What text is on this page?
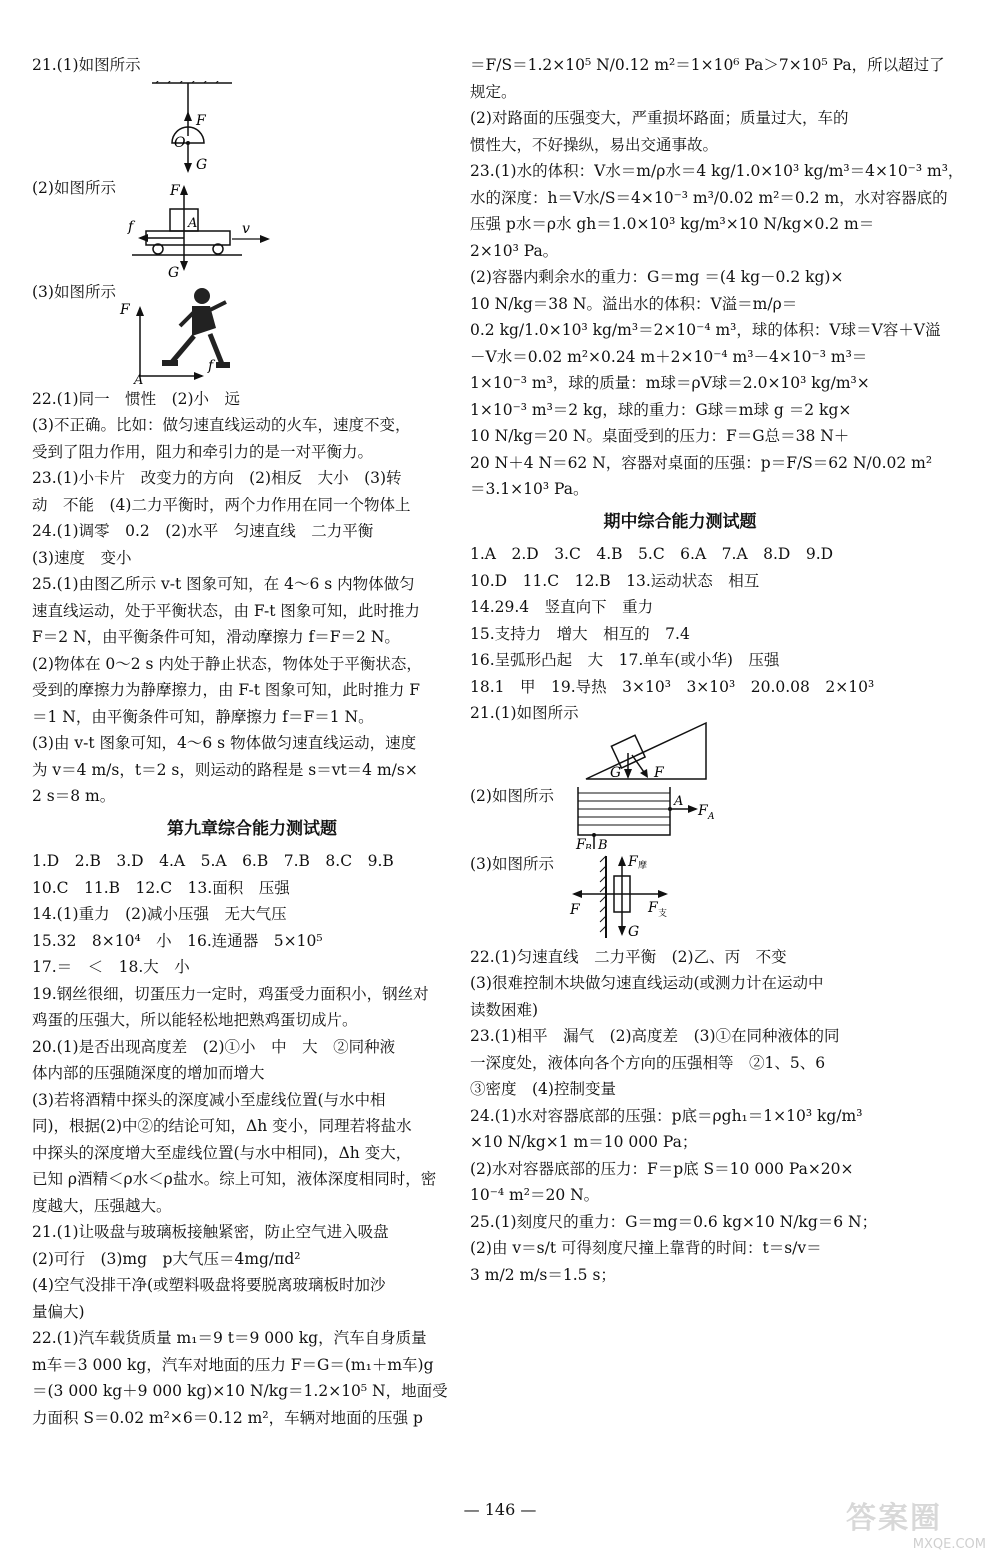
21.(1)如图所示
F
O
G
(2)如图所示	F
f	A	v
G
(3)如图所示
F
f
A
22.(1)同一　惯性　(2)小　远
(3)不正确。比如：做匀速直线运动的火车，速度不变，
受到了阻力作用，阻力和牵引力的是一对平衡力。
23.(1)小卡片　改变力的方向　(2)相反　大小　(3)转
动　不能　(4)二力平衡时，两个力作用在同一个物体上
24.(1)调零　0.2　(2)水平　匀速直线　二力平衡
(3)速度　变小
25.(1)由图乙所示 v-t 图象可知，在 4～6 s 内物体做匀
速直线运动，处于平衡状态，由 F-t 图象可知，此时推力
F＝2 N，由平衡条件可知，滑动摩擦力 f＝F＝2 N。
(2)物体在 0～2 s 内处于静止状态，物体处于平衡状态，
受到的摩擦力为静摩擦力，由 F-t 图象可知，此时推力 F
＝1 N，由平衡条件可知，静摩擦力 f＝F＝1 N。
(3)由 v-t 图象可知，4～6 s 物体做匀速直线运动，速度
为 v＝4 m/s，t＝2 s，则运动的路程是 s＝vt＝4 m/s×
2 s＝8 m。
第九章综合能力测试题
1.D　2.B　3.D　4.A　5.A　6.B　7.B　8.C　9.B
10.C　11.B　12.C　13.面积　压强
14.(1)重力　(2)减小压强　无大气压
15.32　8×10⁴　小　16.连通器　5×10⁵
17.＝　＜　18.大　小
19.钢丝很细，切蛋压力一定时，鸡蛋受力面积小，钢丝对
鸡蛋的压强大，所以能轻松地把熟鸡蛋切成片。
20.(1)是否出现高度差　(2)①小　中　大　②同种液
体内部的压强随深度的增加而增大
(3)若将酒精中探头的深度减小至虚线位置(与水中相
同)，根据(2)中②的结论可知，Δh 变小，同理若将盐水
中探头的深度增大至虚线位置(与水中相同)，Δh 变大，
已知 ρ酒精＜ρ水＜ρ盐水。综上可知，液体深度相同时，密
度越大，压强越大。
21.(1)让吸盘与玻璃板接触紧密，防止空气进入吸盘
(2)可行　(3)mg　p大气压＝4mg/πd²
(4)空气没排干净(或塑料吸盘将要脱离玻璃板时加沙
量偏大)
22.(1)汽车载货质量 m₁＝9 t＝9 000 kg，汽车自身质量
m车＝3 000 kg，汽车对地面的压力 F＝G＝(m₁＋m车)g
＝(3 000 kg＋9 000 kg)×10 N/kg＝1.2×10⁵ N，地面受
力面积 S＝0.02 m²×6＝0.12 m²，车辆对地面的压强 p
＝F/S＝1.2×10⁵ N/0.12 m²＝1×10⁶ Pa＞7×10⁵ Pa，所以超过了
规定。
(2)对路面的压强变大，严重损坏路面；质量过大，车的
惯性大，不好操纵，易出交通事故。
23.(1)水的体积：V水＝m/ρ水＝4 kg/1.0×10³ kg/m³＝4×10⁻³ m³，
水的深度：h＝V水/S＝4×10⁻³ m³/0.02 m²＝0.2 m，水对容器底的
压强 p水＝ρ水 gh＝1.0×10³ kg/m³×10 N/kg×0.2 m＝
2×10³ Pa。
(2)容器内剩余水的重力：G＝mg ＝(4 kg－0.2 kg)×
10 N/kg＝38 N。溢出水的体积：V溢＝m/ρ＝
0.2 kg/1.0×10³ kg/m³＝2×10⁻⁴ m³，球的体积：V球＝V容＋V溢
－V水＝0.02 m²×0.24 m＋2×10⁻⁴ m³－4×10⁻³ m³＝
1×10⁻³ m³，球的质量：m球＝ρV球＝2.0×10³ kg/m³×
1×10⁻³ m³＝2 kg，球的重力：G球＝m球 g ＝2 kg×
10 N/kg＝20 N。桌面受到的压力：F＝G总＝38 N＋
20 N＋4 N＝62 N，容器对桌面的压强：p＝F/S＝62 N/0.02 m²
＝3.1×10³ Pa。
期中综合能力测试题
1.A　2.D　3.C　4.B　5.C　6.A　7.A　8.D　9.D
10.D　11.C　12.B　13.运动状态　相互
14.29.4　竖直向下　重力
15.支持力　增大　相互的　7.4
16.呈弧形凸起　大　17.单车(或小华)　压强
18.1　甲　19.导热　3×10³　3×10³　20.0.08　2×10³
21.(1)如图所示
G F
(2)如图所示	A
F A
B
F B
(3)如图所示	F 摩
F	F 支
G
22.(1)匀速直线　二力平衡　(2)乙、丙　不变
(3)很难控制木块做匀速直线运动(或测力计在运动中
读数困难)
23.(1)相平　漏气　(2)高度差　(3)①在同种液体的同
一深度处，液体向各个方向的压强相等　②1、5、6
③密度　(4)控制变量
24.(1)水对容器底部的压强：p底＝ρgh₁＝1×10³ kg/m³
×10 N/kg×1 m＝10 000 Pa；
(2)水对容器底部的压力：F＝p底 S＝10 000 Pa×20×
10⁻⁴ m²＝20 N。
25.(1)刻度尺的重力：G＝mg＝0.6 kg×10 N/kg＝6 N；
(2)由 v＝s/t 可得刻度尺撞上靠背的时间：t＝s/v＝
3 m/2 m/s＝1.5 s；
— 146 —	答案圈
MXQE.COM
